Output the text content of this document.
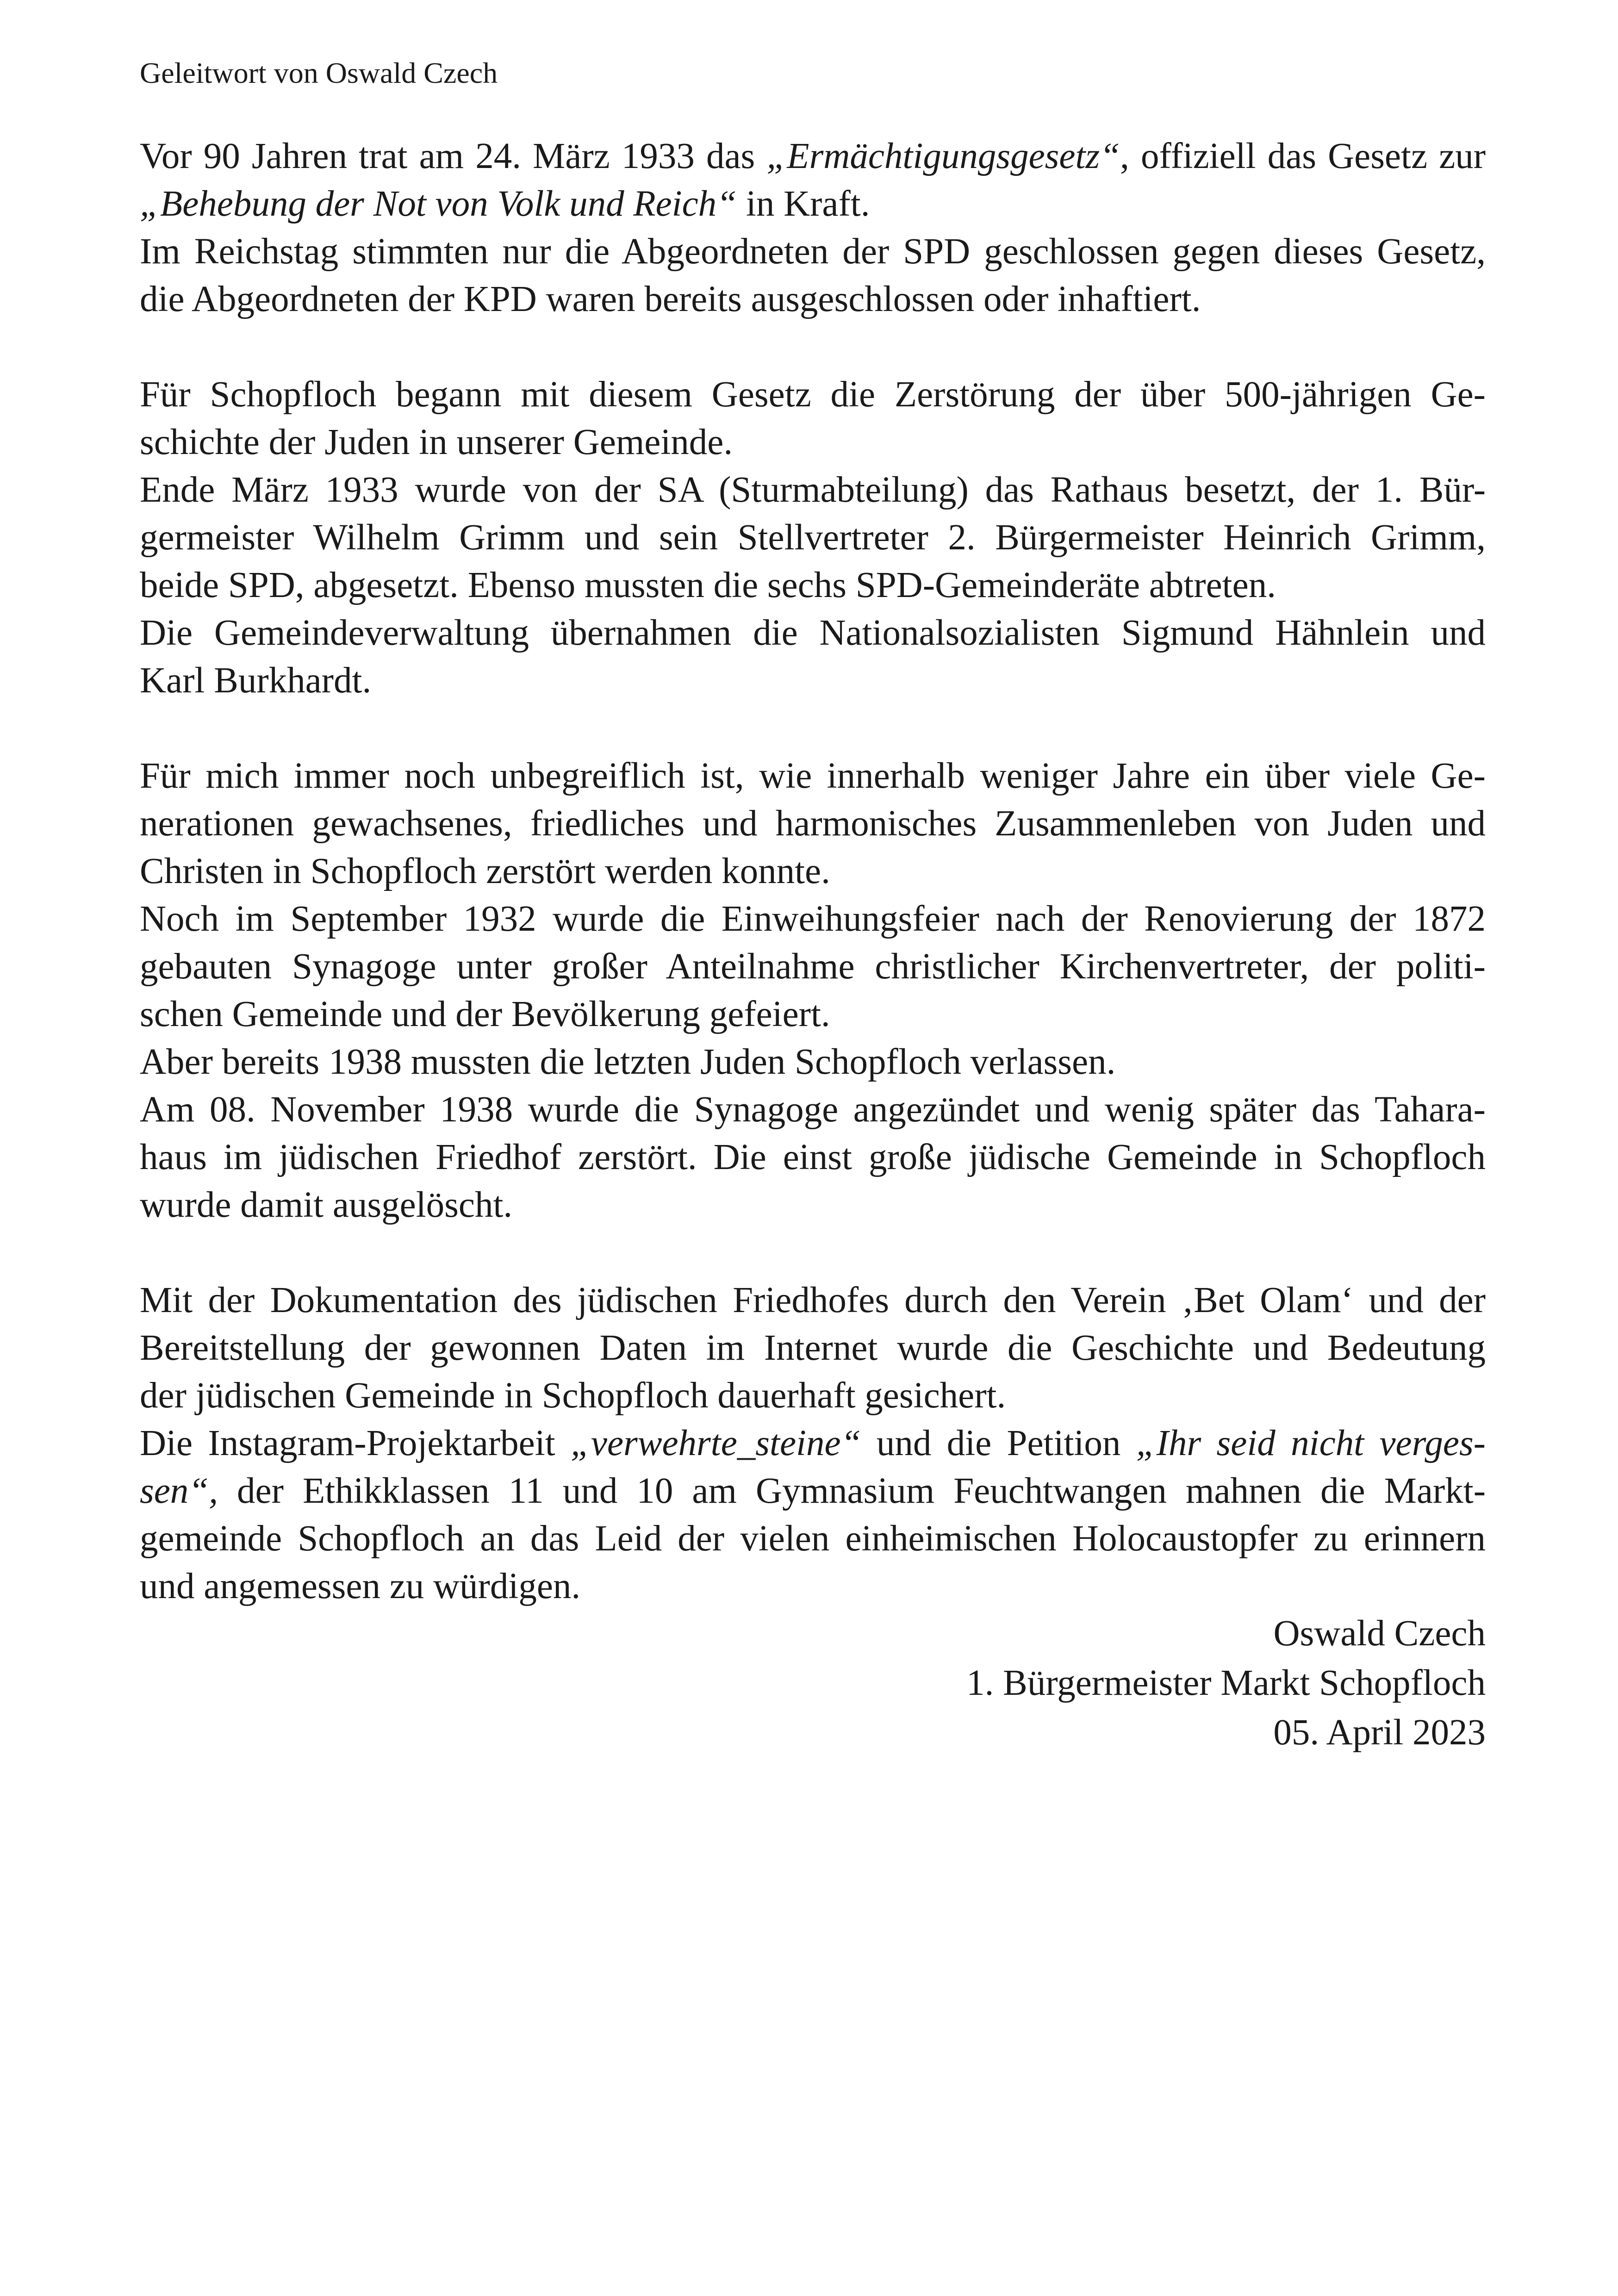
Geleitwort von Oswald Czech
Vor 90 Jahren trat am 24. März 1933 das „Ermächtigungsgesetz“, offiziell das Gesetz zur
„Behebung der Not von Volk und Reich“ in Kraft.
Im Reichstag stimmten nur die Abgeordneten der SPD geschlossen gegen dieses Gesetz,
die Abgeordneten der KPD waren bereits ausgeschlossen oder inhaftiert.
Für Schopfloch begann mit diesem Gesetz die Zerstörung der über 500-jährigen Ge-
schichte der Juden in unserer Gemeinde.
Ende März 1933 wurde von der SA (Sturmabteilung) das Rathaus besetzt, der 1. Bür-
germeister Wilhelm Grimm und sein Stellvertreter 2. Bürgermeister Heinrich Grimm,
beide SPD, abgesetzt. Ebenso mussten die sechs SPD-Gemeinderäte abtreten.
Die Gemeindeverwaltung übernahmen die Nationalsozialisten Sigmund Hähnlein und
Karl Burkhardt.
Für mich immer noch unbegreiflich ist, wie innerhalb weniger Jahre ein über viele Ge-
nerationen gewachsenes, friedliches und harmonisches Zusammenleben von Juden und
Christen in Schopfloch zerstört werden konnte.
Noch im September 1932 wurde die Einweihungsfeier nach der Renovierung der 1872
gebauten Synagoge unter großer Anteilnahme christlicher Kirchenvertreter, der politi-
schen Gemeinde und der Bevölkerung gefeiert.
Aber bereits 1938 mussten die letzten Juden Schopfloch verlassen.
Am 08. November 1938 wurde die Synagoge angezündet und wenig später das Tahara-
haus im jüdischen Friedhof zerstört. Die einst große jüdische Gemeinde in Schopfloch
wurde damit ausgelöscht.
Mit der Dokumentation des jüdischen Friedhofes durch den Verein ‚Bet Olam‘ und der
Bereitstellung der gewonnen Daten im Internet wurde die Geschichte und Bedeutung
der jüdischen Gemeinde in Schopfloch dauerhaft gesichert.
Die Instagram-Projektarbeit „verwehrte_steine“ und die Petition „Ihr seid nicht verges-
sen“, der Ethikklassen 11 und 10 am Gymnasium Feuchtwangen mahnen die Markt-
gemeinde Schopfloch an das Leid der vielen einheimischen Holocaustopfer zu erinnern
und angemessen zu würdigen.
Oswald Czech
1. Bürgermeister Markt Schopfloch
05. April 2023
